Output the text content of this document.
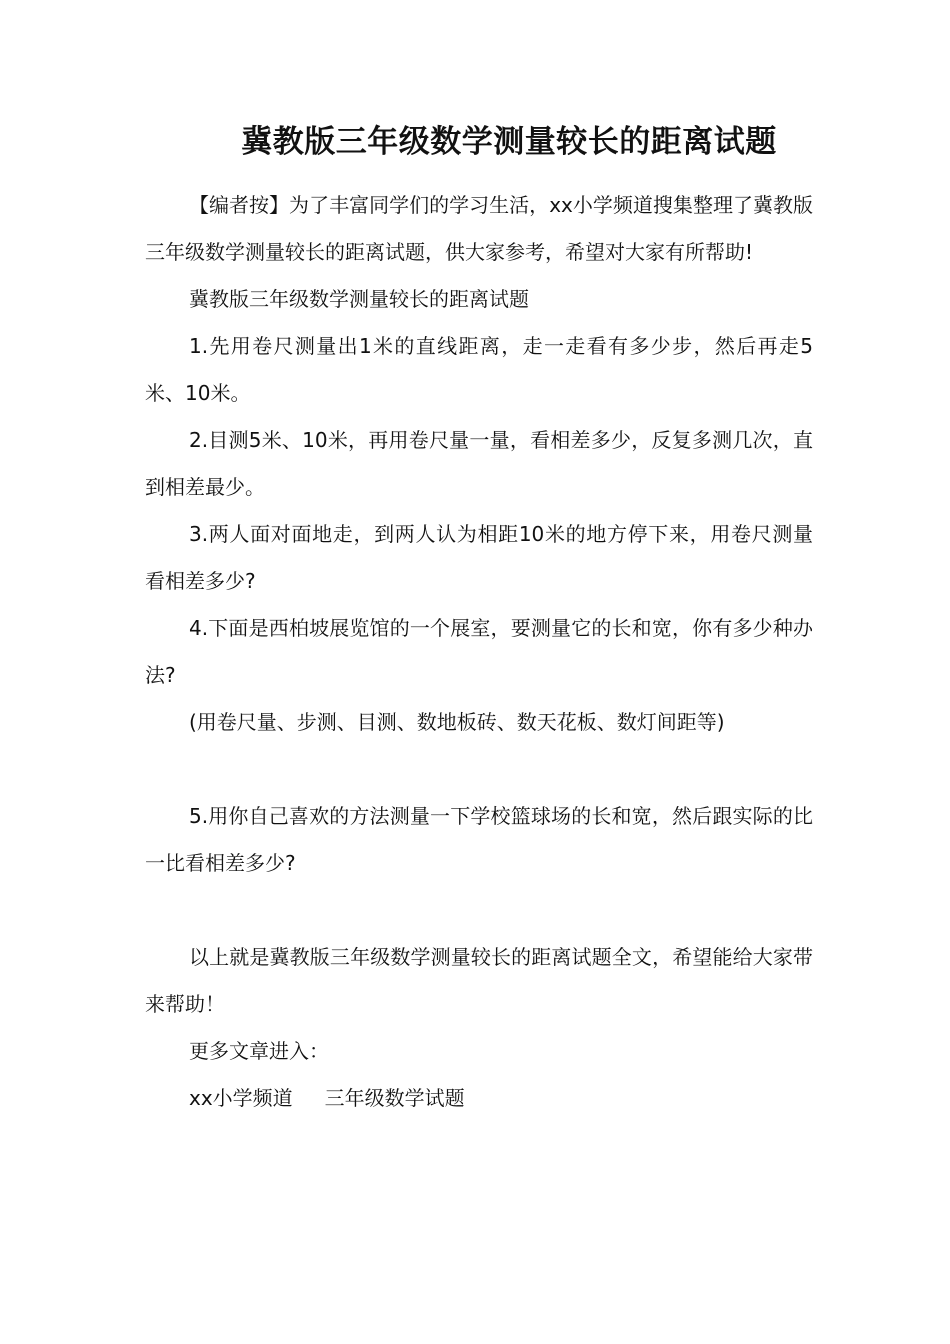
冀教版三年级数学测量较长的距离试题

【编者按】为了丰富同学们的学习生活，xx小学频道搜集整理了冀教版三年级数学测量较长的距离试题，供大家参考，希望对大家有所帮助!

冀教版三年级数学测量较长的距离试题

1.先用卷尺测量出1米的直线距离，走一走看有多少步，然后再走5米、10米。

2.目测5米、10米，再用卷尺量一量，看相差多少，反复多测几次，直到相差最少。

3.两人面对面地走，到两人认为相距10米的地方停下来，用卷尺测量看相差多少?

4.下面是西柏坡展览馆的一个展室，要测量它的长和宽，你有多少种办法?

(用卷尺量、步测、目测、数地板砖、数天花板、数灯间距等)

5.用你自己喜欢的方法测量一下学校篮球场的长和宽，然后跟实际的比一比看相差多少?

以上就是冀教版三年级数学测量较长的距离试题全文，希望能给大家带来帮助！

更多文章进入：

xx小学频道 三年级数学试题
